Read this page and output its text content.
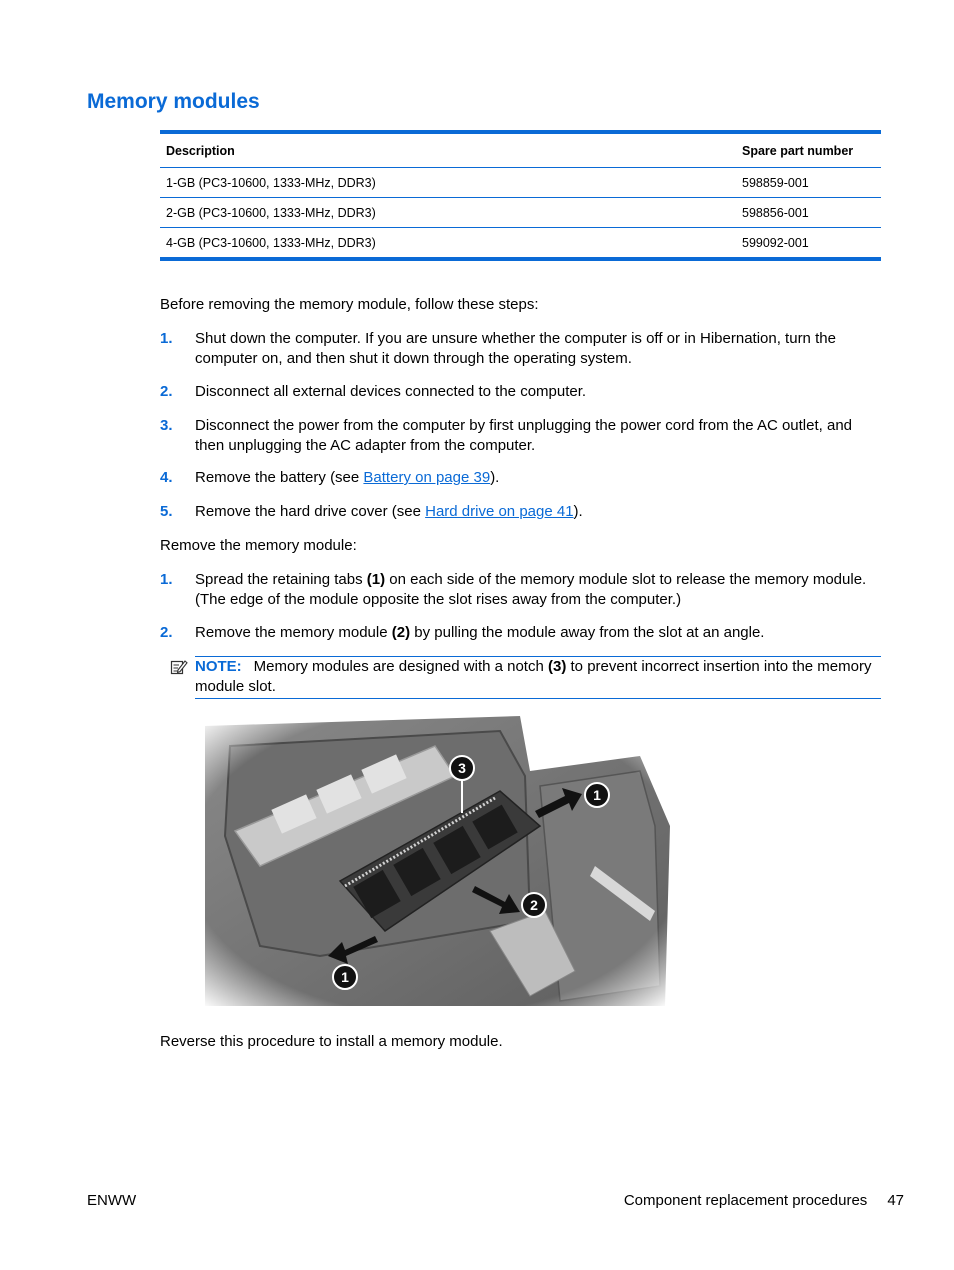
Memory modules
Description	Spare part number
1-GB (PC3-10600, 1333-MHz, DDR3)	598859-001
2-GB (PC3-10600, 1333-MHz, DDR3)	598856-001
4-GB (PC3-10600, 1333-MHz, DDR3)	599092-001

Before removing the memory module, follow these steps:

1. Shut down the computer. If you are unsure whether the computer is off or in Hibernation, turn the computer on, and then shut it down through the operating system.
2. Disconnect all external devices connected to the computer.
3. Disconnect the power from the computer by first unplugging the power cord from the AC outlet, and then unplugging the AC adapter from the computer.
4. Remove the battery (see Battery on page 39).
5. Remove the hard drive cover (see Hard drive on page 41).

Remove the memory module:

1. Spread the retaining tabs (1) on each side of the memory module slot to release the memory module. (The edge of the module opposite the slot rises away from the computer.)
2. Remove the memory module (2) by pulling the module away from the slot at an angle.
NOTE: Memory modules are designed with a notch (3) to prevent incorrect insertion into the memory module slot.
3
1
2
1

Reverse this procedure to install a memory module.

ENWW	Component replacement procedures 47
